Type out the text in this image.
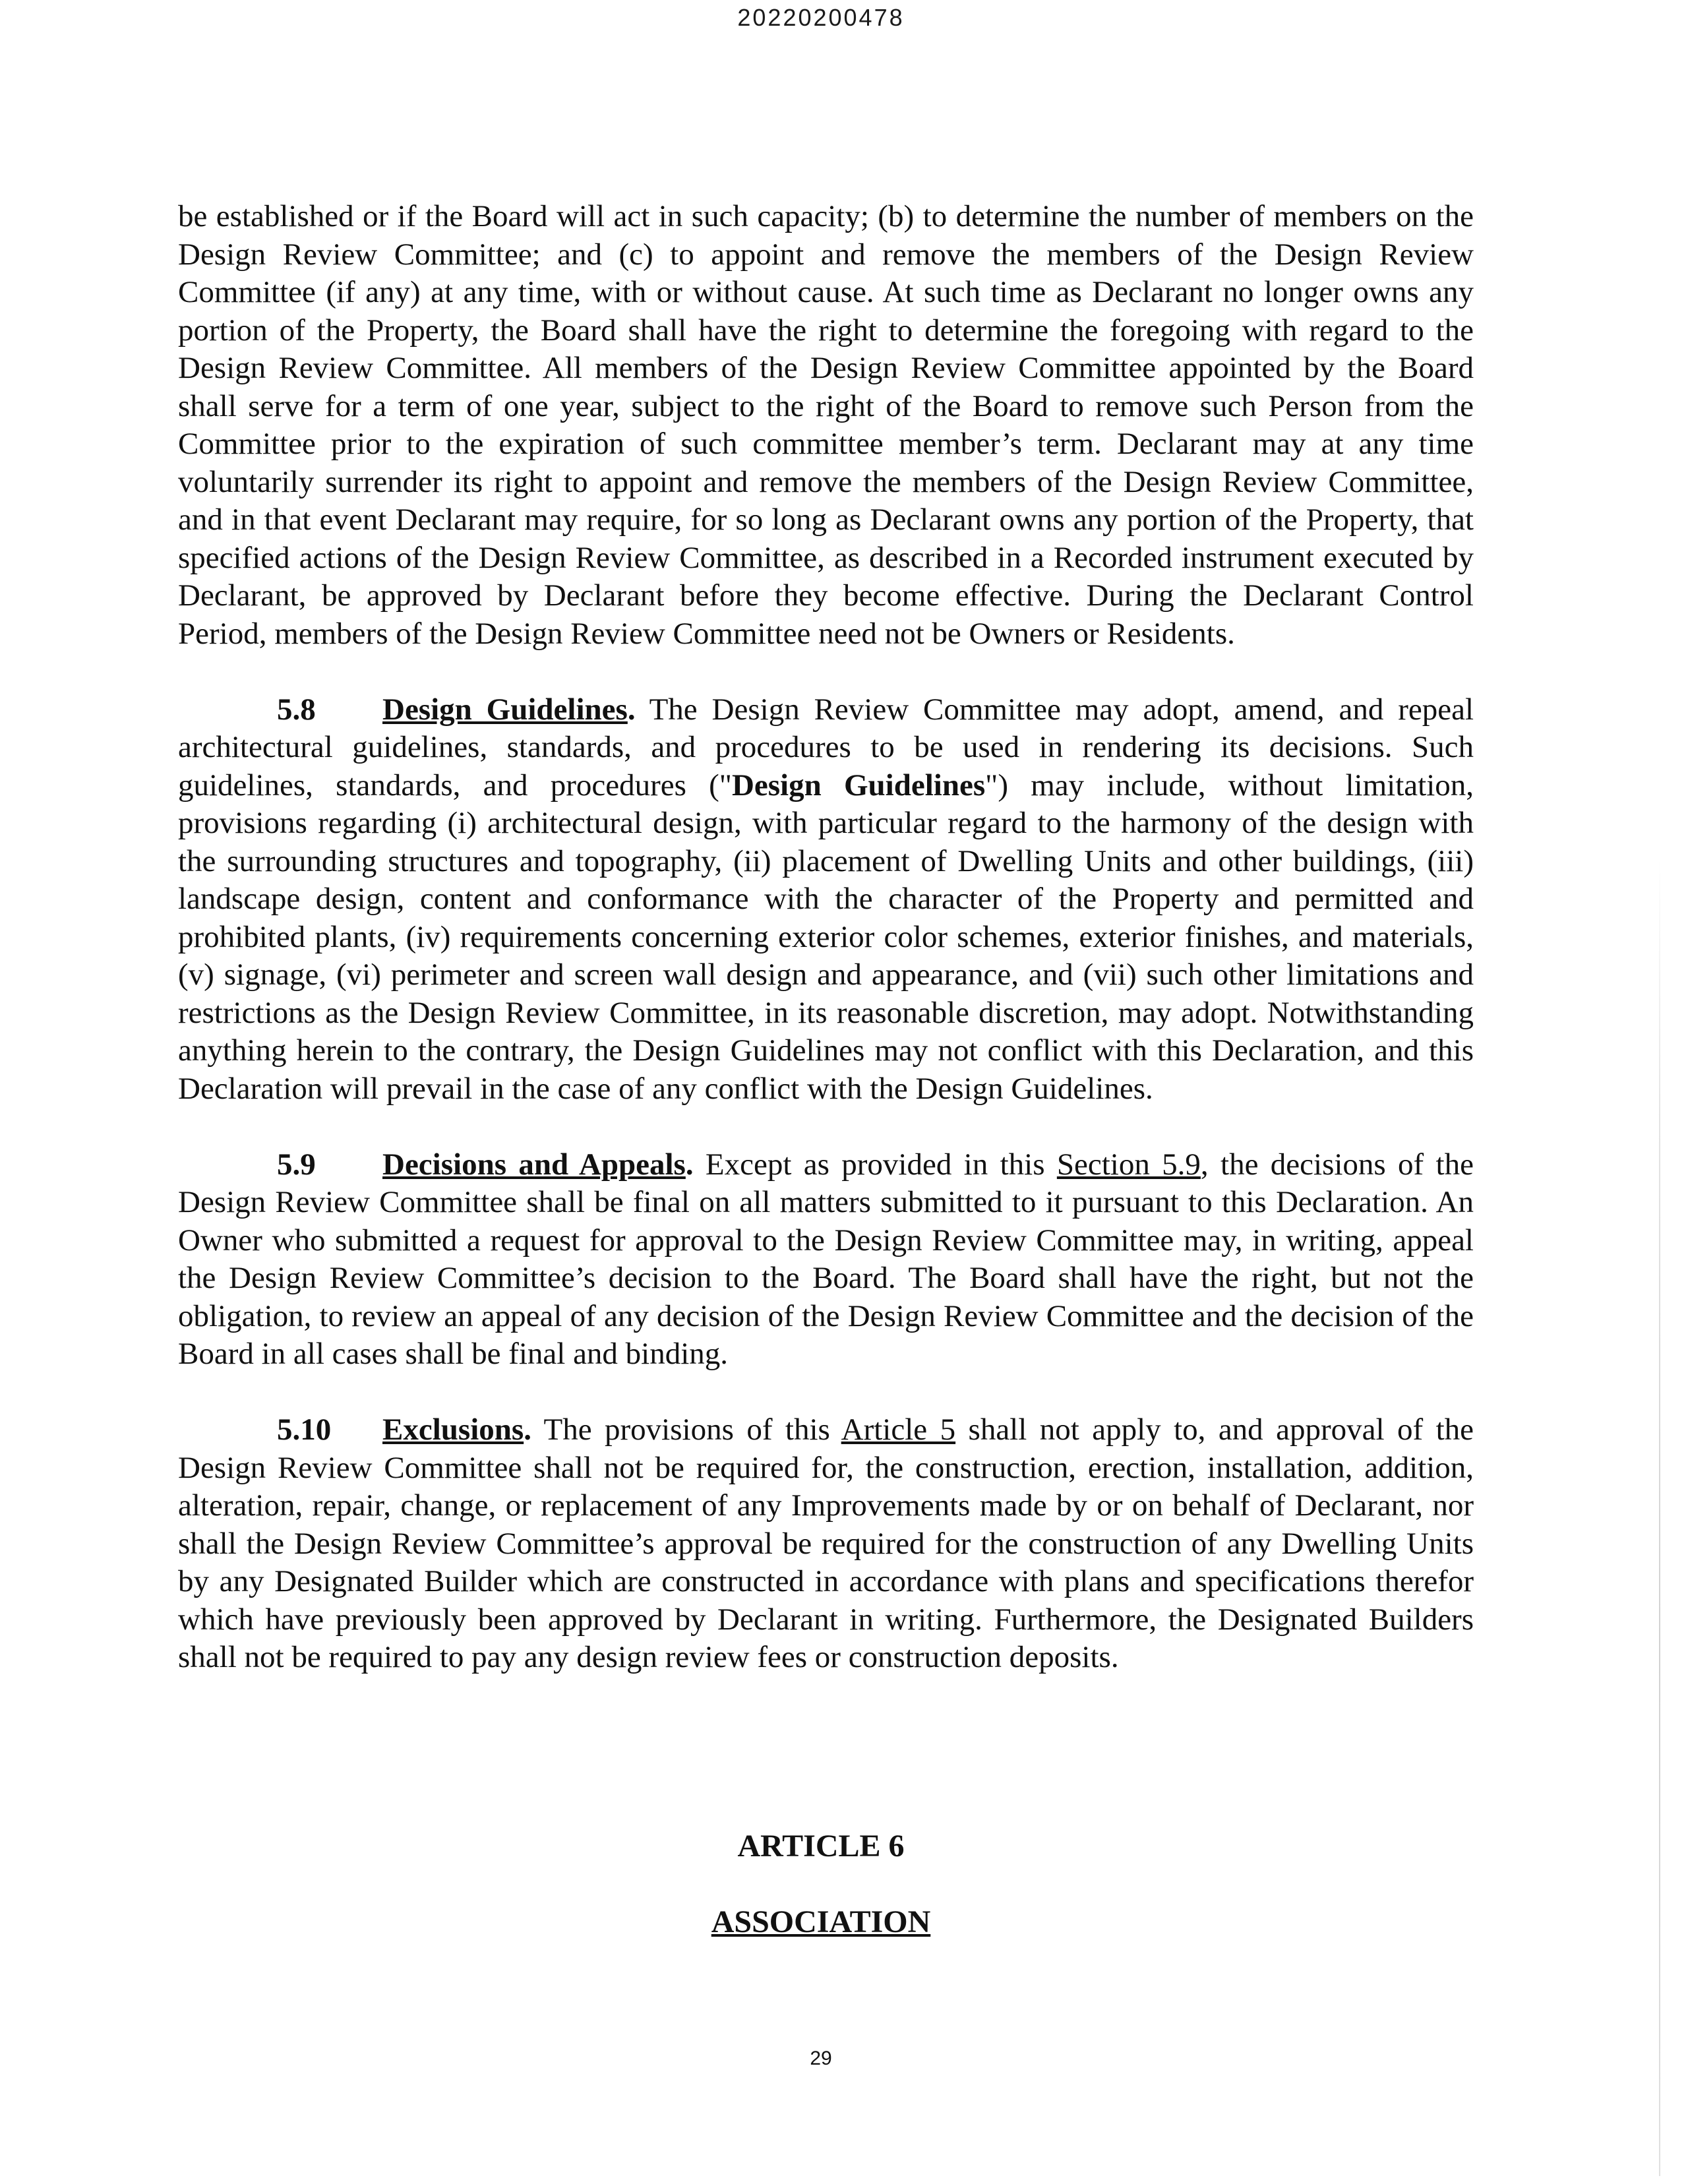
20220200478

be established or if the Board will act in such capacity; (b) to determine the number of members on the Design Review Committee; and (c) to appoint and remove the members of the Design Review Committee (if any) at any time, with or without cause. At such time as Declarant no longer owns any portion of the Property, the Board shall have the right to determine the foregoing with regard to the Design Review Committee. All members of the Design Review Committee appointed by the Board shall serve for a term of one year, subject to the right of the Board to remove such Person from the Committee prior to the expiration of such committee member’s term. Declarant may at any time voluntarily surrender its right to appoint and remove the members of the Design Review Committee, and in that event Declarant may require, for so long as Declarant owns any portion of the Property, that specified actions of the Design Review Committee, as described in a Recorded instrument executed by Declarant, be approved by Declarant before they become effective. During the Declarant Control Period, members of the Design Review Committee need not be Owners or Residents.

5.8 Design Guidelines. The Design Review Committee may adopt, amend, and repeal architectural guidelines, standards, and procedures to be used in rendering its decisions. Such guidelines, standards, and procedures ("Design Guidelines") may include, without limitation, provisions regarding (i) architectural design, with particular regard to the harmony of the design with the surrounding structures and topography, (ii) placement of Dwelling Units and other buildings, (iii) landscape design, content and conformance with the character of the Property and permitted and prohibited plants, (iv) requirements concerning exterior color schemes, exterior finishes, and materials, (v) signage, (vi) perimeter and screen wall design and appearance, and (vii) such other limitations and restrictions as the Design Review Committee, in its reasonable discretion, may adopt. Notwithstanding anything herein to the contrary, the Design Guidelines may not conflict with this Declaration, and this Declaration will prevail in the case of any conflict with the Design Guidelines.

5.9 Decisions and Appeals. Except as provided in this Section 5.9, the decisions of the Design Review Committee shall be final on all matters submitted to it pursuant to this Declaration. An Owner who submitted a request for approval to the Design Review Committee may, in writing, appeal the Design Review Committee’s decision to the Board. The Board shall have the right, but not the obligation, to review an appeal of any decision of the Design Review Committee and the decision of the Board in all cases shall be final and binding.

5.10 Exclusions. The provisions of this Article 5 shall not apply to, and approval of the Design Review Committee shall not be required for, the construction, erection, installation, addition, alteration, repair, change, or replacement of any Improvements made by or on behalf of Declarant, nor shall the Design Review Committee’s approval be required for the construction of any Dwelling Units by any Designated Builder which are constructed in accordance with plans and specifications therefor which have previously been approved by Declarant in writing. Furthermore, the Designated Builders shall not be required to pay any design review fees or construction deposits.

ARTICLE 6
ASSOCIATION
29
